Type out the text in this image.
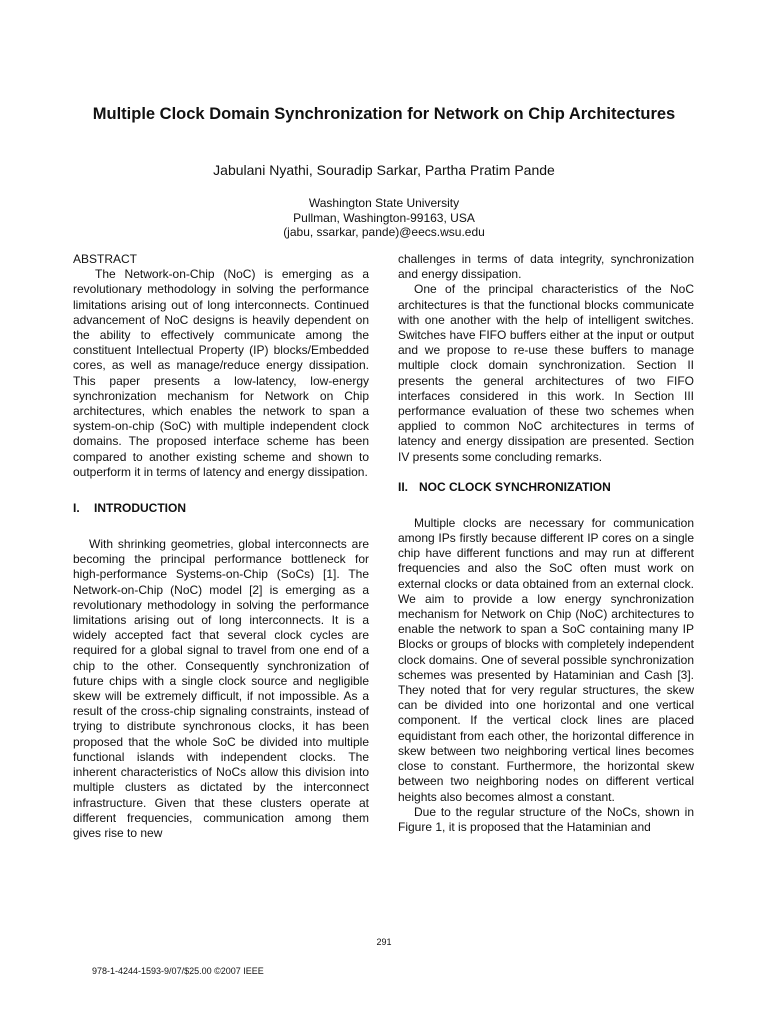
Multiple Clock Domain Synchronization for Network on Chip Architectures
Jabulani Nyathi, Souradip Sarkar, Partha Pratim Pande
Washington State University
Pullman, Washington-99163, USA
(jabu, ssarkar, pande)@eecs.wsu.edu
ABSTRACT

The Network-on-Chip (NoC) is emerging as a revolutionary methodology in solving the performance limitations arising out of long interconnects. Continued advancement of NoC designs is heavily dependent on the ability to effectively communicate among the constituent Intellectual Property (IP) blocks/Embedded cores, as well as manage/reduce energy dissipation. This paper presents a low-latency, low-energy synchronization mechanism for Network on Chip architectures, which enables the network to span a system-on-chip (SoC) with multiple independent clock domains. The proposed interface scheme has been compared to another existing scheme and shown to outperform it in terms of latency and energy dissipation.

I. INTRODUCTION

With shrinking geometries, global interconnects are becoming the principal performance bottleneck for high-performance Systems-on-Chip (SoCs) [1]. The Network-on-Chip (NoC) model [2] is emerging as a revolutionary methodology in solving the performance limitations arising out of long interconnects. It is a widely accepted fact that several clock cycles are required for a global signal to travel from one end of a chip to the other. Consequently synchronization of future chips with a single clock source and negligible skew will be extremely difficult, if not impossible. As a result of the cross-chip signaling constraints, instead of trying to distribute synchronous clocks, it has been proposed that the whole SoC be divided into multiple functional islands with independent clocks. The inherent characteristics of NoCs allow this division into multiple clusters as dictated by the interconnect infrastructure. Given that these clusters operate at different frequencies, communication among them gives rise to new

challenges in terms of data integrity, synchronization and energy dissipation.

One of the principal characteristics of the NoC architectures is that the functional blocks communicate with one another with the help of intelligent switches. Switches have FIFO buffers either at the input or output and we propose to re-use these buffers to manage multiple clock domain synchronization. Section II presents the general architectures of two FIFO interfaces considered in this work. In Section III performance evaluation of these two schemes when applied to common NoC architectures in terms of latency and energy dissipation are presented. Section IV presents some concluding remarks.

II. NOC CLOCK SYNCHRONIZATION

Multiple clocks are necessary for communication among IPs firstly because different IP cores on a single chip have different functions and may run at different frequencies and also the SoC often must work on external clocks or data obtained from an external clock. We aim to provide a low energy synchronization mechanism for Network on Chip (NoC) architectures to enable the network to span a SoC containing many IP Blocks or groups of blocks with completely independent clock domains. One of several possible synchronization schemes was presented by Hataminian and Cash [3]. They noted that for very regular structures, the skew can be divided into one horizontal and one vertical component. If the vertical clock lines are placed equidistant from each other, the horizontal difference in skew between two neighboring vertical lines becomes close to constant. Furthermore, the horizontal skew between two neighboring nodes on different vertical heights also becomes almost a constant.

Due to the regular structure of the NoCs, shown in Figure 1, it is proposed that the Hataminian and

291
978-1-4244-1593-9/07/$25.00 ©2007 IEEE
